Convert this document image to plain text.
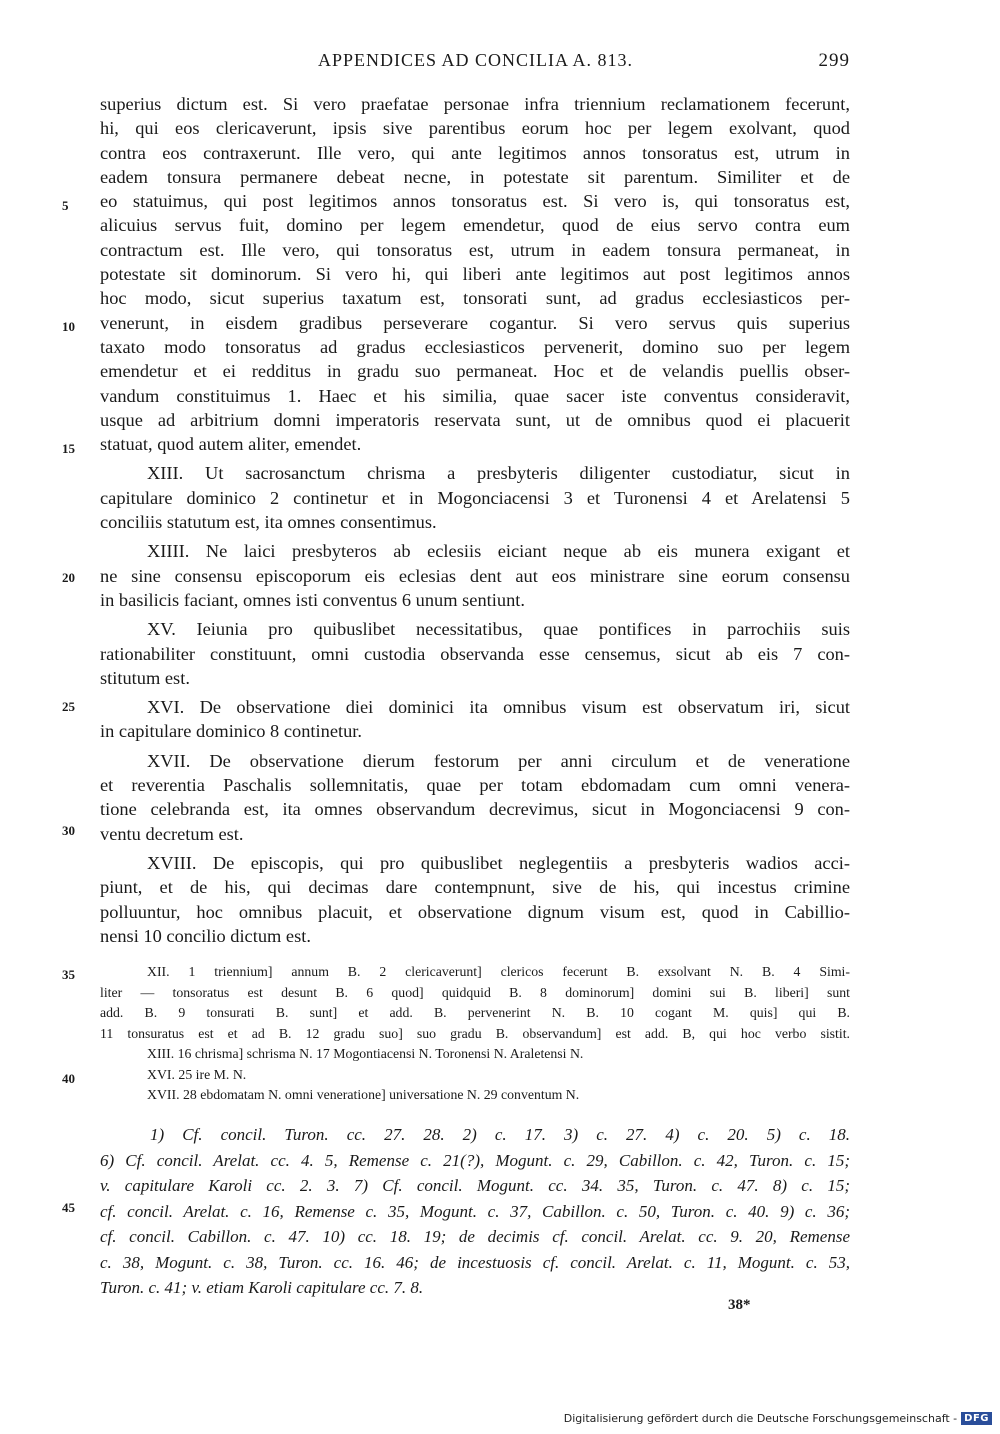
APPENDICES AD CONCILIA A. 813.	299
5
10
15
20
25
30
35
40
45
superius dictum est. Si vero praefatae personae infra triennium reclamationem fecerunt,
hi, qui eos clericaverunt, ipsis sive parentibus eorum hoc per legem exolvant, quod
contra eos contraxerunt. Ille vero, qui ante legitimos annos tonsoratus est, utrum in
eadem tonsura permanere debeat necne, in potestate sit parentum. Similiter et de
eo statuimus, qui post legitimos annos tonsoratus est. Si vero is, qui tonsoratus est,
alicuius servus fuit, domino per legem emendetur, quod de eius servo contra eum
contractum est. Ille vero, qui tonsoratus est, utrum in eadem tonsura permaneat, in
potestate sit dominorum. Si vero hi, qui liberi ante legitimos aut post legitimos annos
hoc modo, sicut superius taxatum est, tonsorati sunt, ad gradus ecclesiasticos per-
venerunt, in eisdem gradibus perseverare cogantur. Si vero servus quis superius
taxato modo tonsoratus ad gradus ecclesiasticos pervenerit, domino suo per legem
emendetur et ei redditus in gradu suo permaneat. Hoc et de velandis puellis obser-
vandum constituimus 1. Haec et his similia, quae sacer iste conventus consideravit,
usque ad arbitrium domni imperatoris reservata sunt, ut de omnibus quod ei placuerit
statuat, quod autem aliter, emendet.
XIII. Ut sacrosanctum chrisma a presbyteris diligenter custodiatur, sicut in
capitulare dominico 2 continetur et in Mogonciacensi 3 et Turonensi 4 et Arelatensi 5
conciliis statutum est, ita omnes consentimus.
XIIII. Ne laici presbyteros ab eclesiis eiciant neque ab eis munera exigant et
ne sine consensu episcoporum eis eclesias dent aut eos ministrare sine eorum consensu
in basilicis faciant, omnes isti conventus 6 unum sentiunt.
XV. Ieiunia pro quibuslibet necessitatibus, quae pontifices in parrochiis suis
rationabiliter constituunt, omni custodia observanda esse censemus, sicut ab eis 7 con-
stitutum est.
XVI. De observatione diei dominici ita omnibus visum est observatum iri, sicut
in capitulare dominico 8 continetur.
XVII. De observatione dierum festorum per anni circulum et de veneratione
et reverentia Paschalis sollemnitatis, quae per totam ebdomadam cum omni venera-
tione celebranda est, ita omnes observandum decrevimus, sicut in Mogonciacensi 9 con-
ventu decretum est.
XVIII. De episcopis, qui pro quibuslibet neglegentiis a presbyteris wadios acci-
piunt, et de his, qui decimas dare contempnunt, sive de his, qui incestus crimine
polluuntur, hoc omnibus placuit, et observatione dignum visum est, quod in Cabillio-
nensi 10 concilio dictum est.
XII. 1 triennium] annum B. 2 clericaverunt] clericos fecerunt B. exsolvant N. B. 4 Simi-
liter — tonsoratus est desunt B. 6 quod] quidquid B. 8 dominorum] domini sui B. liberi] sunt
add. B. 9 tonsurati B. sunt] et add. B. pervenerint N. B. 10 cogant M. quis] qui B.
11 tonsuratus est et ad B. 12 gradu suo] suo gradu B. observandum] est add. B, qui hoc verbo sistit.
XIII. 16 chrisma] schrisma N. 17 Mogontiacensi N. Toronensi N. Araletensi N.
XVI. 25 ire M. N.
XVII. 28 ebdomatam N. omni veneratione] universatione N. 29 conventum N.
1) Cf. concil. Turon. cc. 27. 28. 2) c. 17. 3) c. 27. 4) c. 20. 5) c. 18.
6) Cf. concil. Arelat. cc. 4. 5, Remense c. 21(?), Mogunt. c. 29, Cabillon. c. 42, Turon. c. 15;
v. capitulare Karoli cc. 2. 3. 7) Cf. concil. Mogunt. cc. 34. 35, Turon. c. 47. 8) c. 15;
cf. concil. Arelat. c. 16, Remense c. 35, Mogunt. c. 37, Cabillon. c. 50, Turon. c. 40. 9) c. 36;
cf. concil. Cabillon. c. 47. 10) cc. 18. 19; de decimis cf. concil. Arelat. cc. 9. 20, Remense
c. 38, Mogunt. c. 38, Turon. cc. 16. 46; de incestuosis cf. concil. Arelat. c. 11, Mogunt. c. 53,
Turon. c. 41; v. etiam Karoli capitulare cc. 7. 8.
38*
Digitalisierung gefördert durch die Deutsche Forschungsgemeinschaft - DFG
